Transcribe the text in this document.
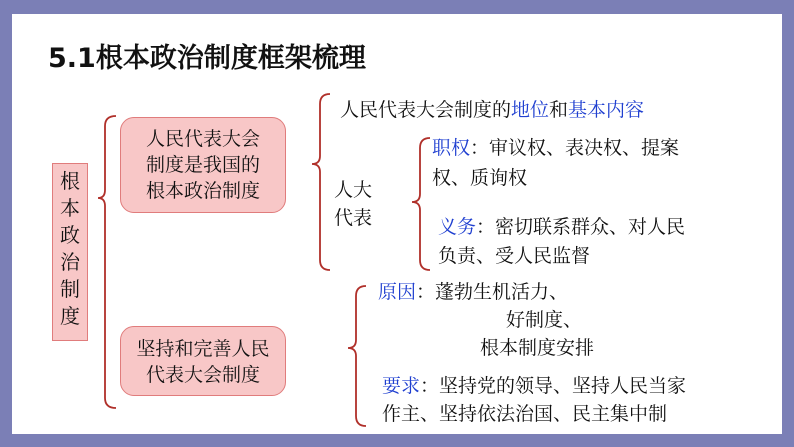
5.1根本政治制度框架梳理
根
本
政
治
制
度
人民代表大会
制度是我国的
根本政治制度
坚持和完善人民
代表大会制度
人民代表大会制度的地位和基本内容
人大
代表
职权：审议权、表决权、提案
权、质询权
义务：密切联系群众、对人民
负责、受人民监督
原因：蓬勃生机活力、
好制度、
根本制度安排
要求：坚持党的领导、坚持人民当家
作主、坚持依法治国、民主集中制
